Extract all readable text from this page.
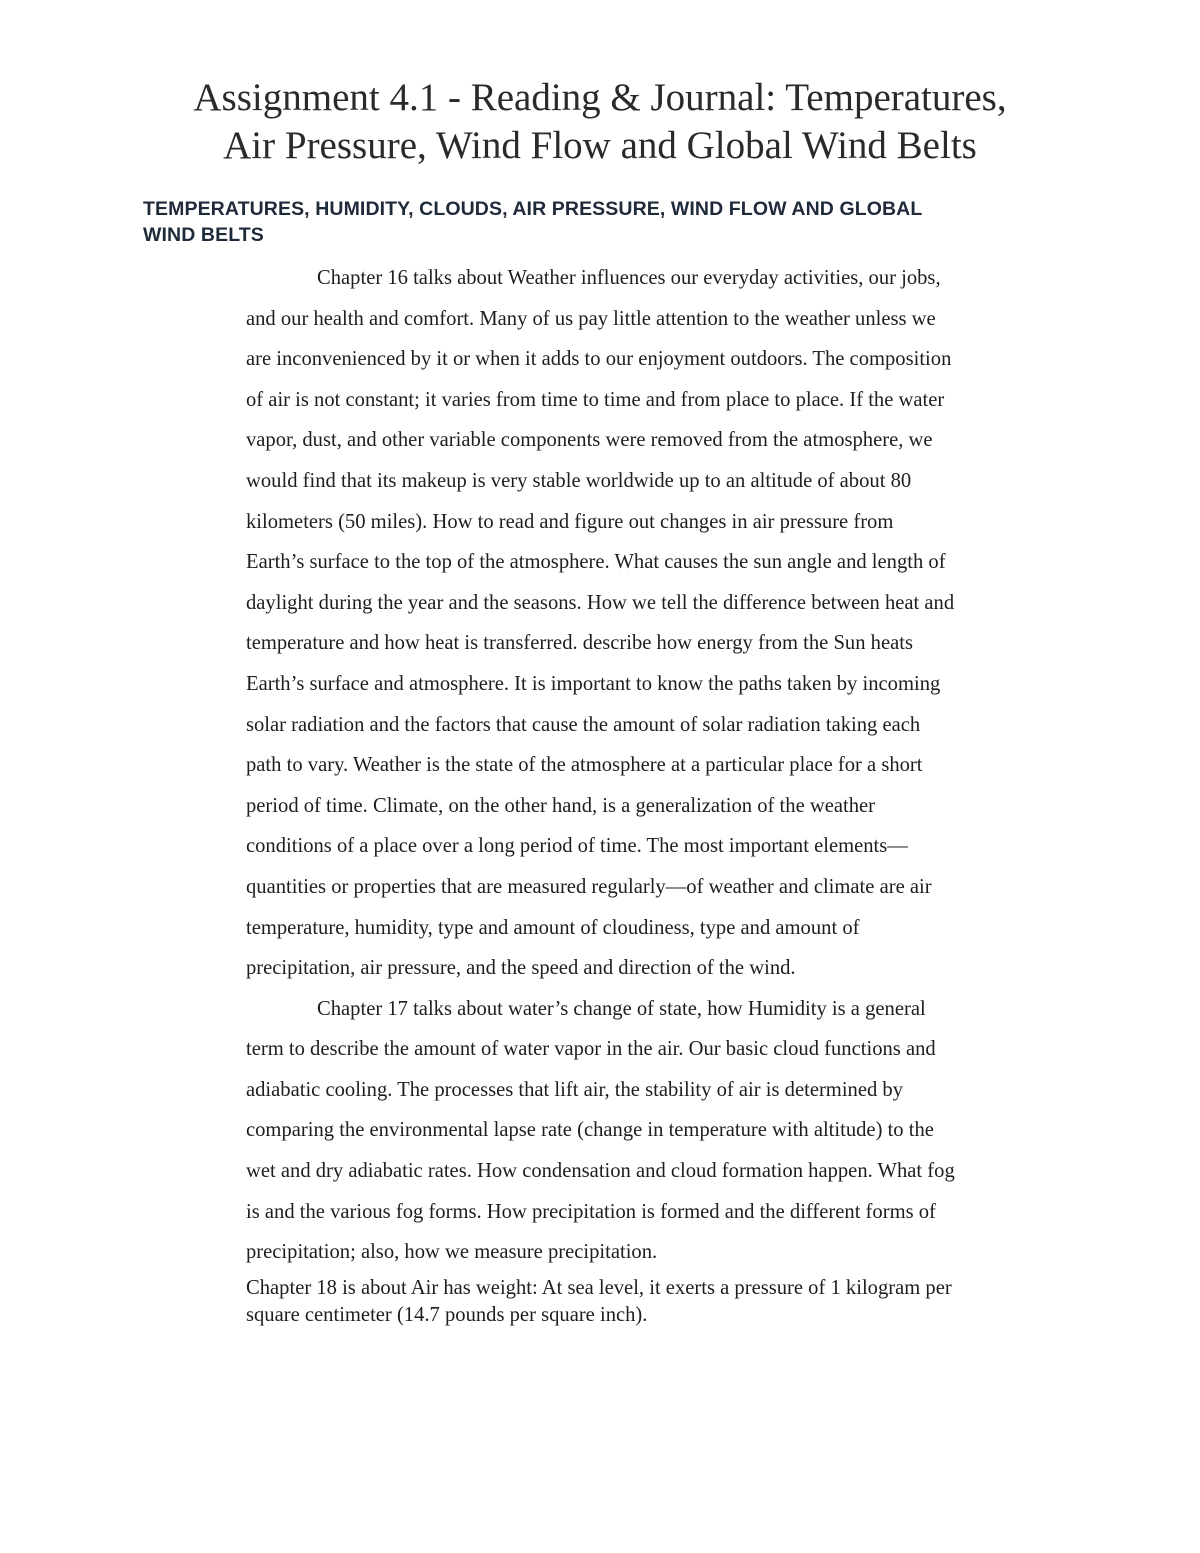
Assignment 4.1 - Reading & Journal: Temperatures,
Air Pressure, Wind Flow and Global Wind Belts
TEMPERATURES, HUMIDITY, CLOUDS, AIR PRESSURE, WIND FLOW AND GLOBAL
WIND BELTS

Chapter 16 talks about Weather influences our everyday activities, our jobs,
and our health and comfort. Many of us pay little attention to the weather unless we
are inconvenienced by it or when it adds to our enjoyment outdoors. The composition
of air is not constant; it varies from time to time and from place to place. If the water
vapor, dust, and other variable components were removed from the atmosphere, we
would find that its makeup is very stable worldwide up to an altitude of about 80
kilometers (50 miles). How to read and figure out changes in air pressure from
Earth’s surface to the top of the atmosphere. What causes the sun angle and length of
daylight during the year and the seasons. How we tell the difference between heat and
temperature and how heat is transferred. describe how energy from the Sun heats
Earth’s surface and atmosphere. It is important to know the paths taken by incoming
solar radiation and the factors that cause the amount of solar radiation taking each
path to vary. Weather is the state of the atmosphere at a particular place for a short
period of time. Climate, on the other hand, is a generalization of the weather
conditions of a place over a long period of time. The most important elements—
quantities or properties that are measured regularly—of weather and climate are air
temperature, humidity, type and amount of cloudiness, type and amount of
precipitation, air pressure, and the speed and direction of the wind.

Chapter 17 talks about water’s change of state, how Humidity is a general
term to describe the amount of water vapor in the air. Our basic cloud functions and
adiabatic cooling. The processes that lift air, the stability of air is determined by
comparing the environmental lapse rate (change in temperature with altitude) to the
wet and dry adiabatic rates. How condensation and cloud formation happen. What fog
is and the various fog forms. How precipitation is formed and the different forms of
precipitation; also, how we measure precipitation.

Chapter 18 is about Air has weight: At sea level, it exerts a pressure of 1 kilogram per
square centimeter (14.7 pounds per square inch).
